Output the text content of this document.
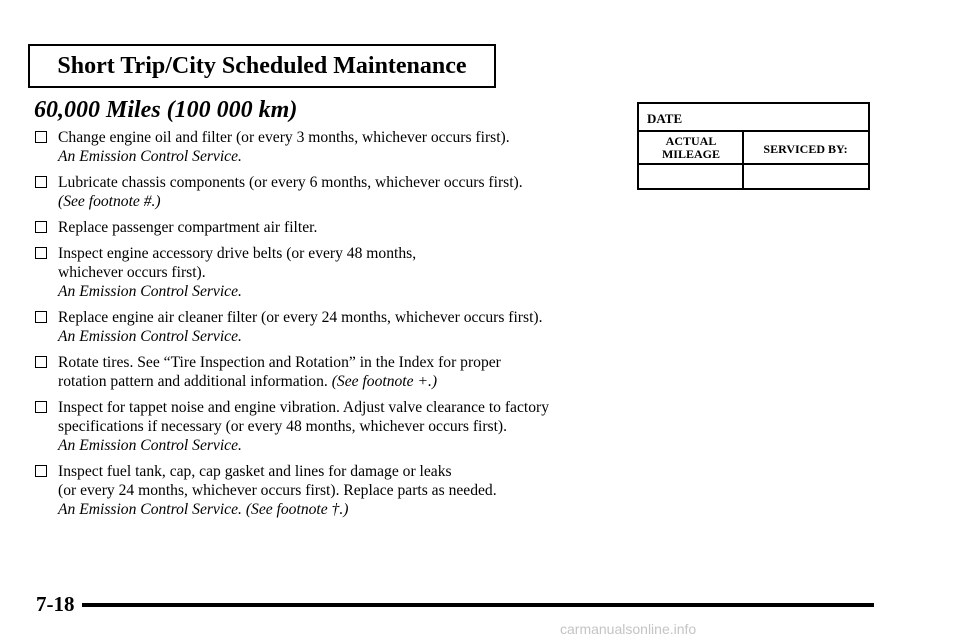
Short Trip/City Scheduled Maintenance
60,000 Miles (100 000 km)
Change engine oil and filter (or every 3 months, whichever occurs first).
An Emission Control Service.
Lubricate chassis components (or every 6 months, whichever occurs first).
(See footnote #.)
Replace passenger compartment air filter.
Inspect engine accessory drive belts (or every 48 months,
whichever occurs first).
An Emission Control Service.
Replace engine air cleaner filter (or every 24 months, whichever occurs first).
An Emission Control Service.
Rotate tires. See “Tire Inspection and Rotation” in the Index for proper
rotation pattern and additional information. (See footnote +.)
Inspect for tappet noise and engine vibration. Adjust valve clearance to factory
specifications if necessary (or every 48 months, whichever occurs first).
An Emission Control Service.
Inspect fuel tank, cap, cap gasket and lines for damage or leaks
(or every 24 months, whichever occurs first). Replace parts as needed.
An Emission Control Service. (See footnote †.)
DATE
ACTUAL
MILEAGE	SERVICED BY:
7-18
carmanualsonline.info
